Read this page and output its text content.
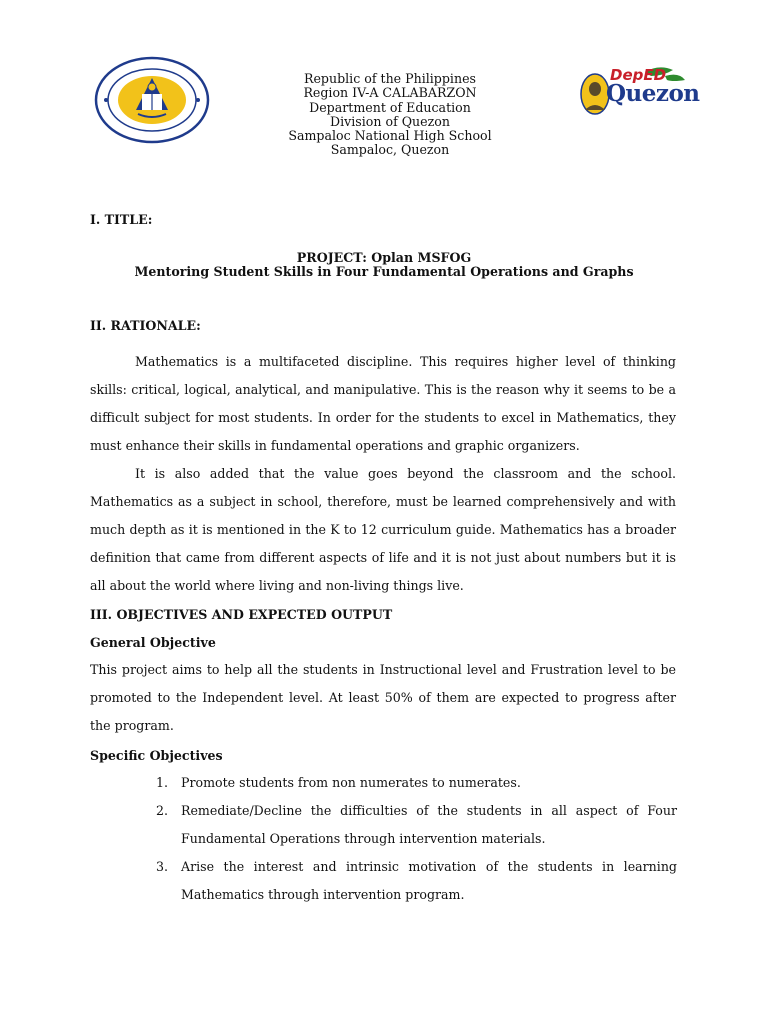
DepED
Quezon
Republic of the Philippines
Region IV-A CALABARZON
Department of Education
Division of Quezon
Sampaloc National High School
Sampaloc, Quezon
I. TITLE:
PROJECT: Oplan MSFOG
Mentoring Student Skills in Four Fundamental Operations and Graphs
II. RATIONALE:
Mathematics is a multifaceted discipline. This requires higher level of thinking skills: critical, logical, analytical, and manipulative. This is the reason why it seems to be a difficult subject for most students. In order for the students to excel in Mathematics, they must enhance their skills in fundamental operations and graphic organizers.
It is also added that the value goes beyond the classroom and the school. Mathematics as a subject in school, therefore, must be learned comprehensively and with much depth as it is mentioned in the K to 12 curriculum guide. Mathematics has a broader definition that came from different aspects of life and it is not just about numbers but it is all about the world where living and non-living things live.
III. OBJECTIVES AND EXPECTED OUTPUT
General Objective
This project aims to help all the students in Instructional level and Frustration level to be promoted to the Independent level. At least 50% of them are expected to progress after the program.
Specific Objectives
1. Promote students from non numerates to numerates.
2. Remediate/Decline the difficulties of the students in all aspect of Four Fundamental Operations through intervention materials.
3. Arise the interest and intrinsic motivation of the students in learning Mathematics through intervention program.
